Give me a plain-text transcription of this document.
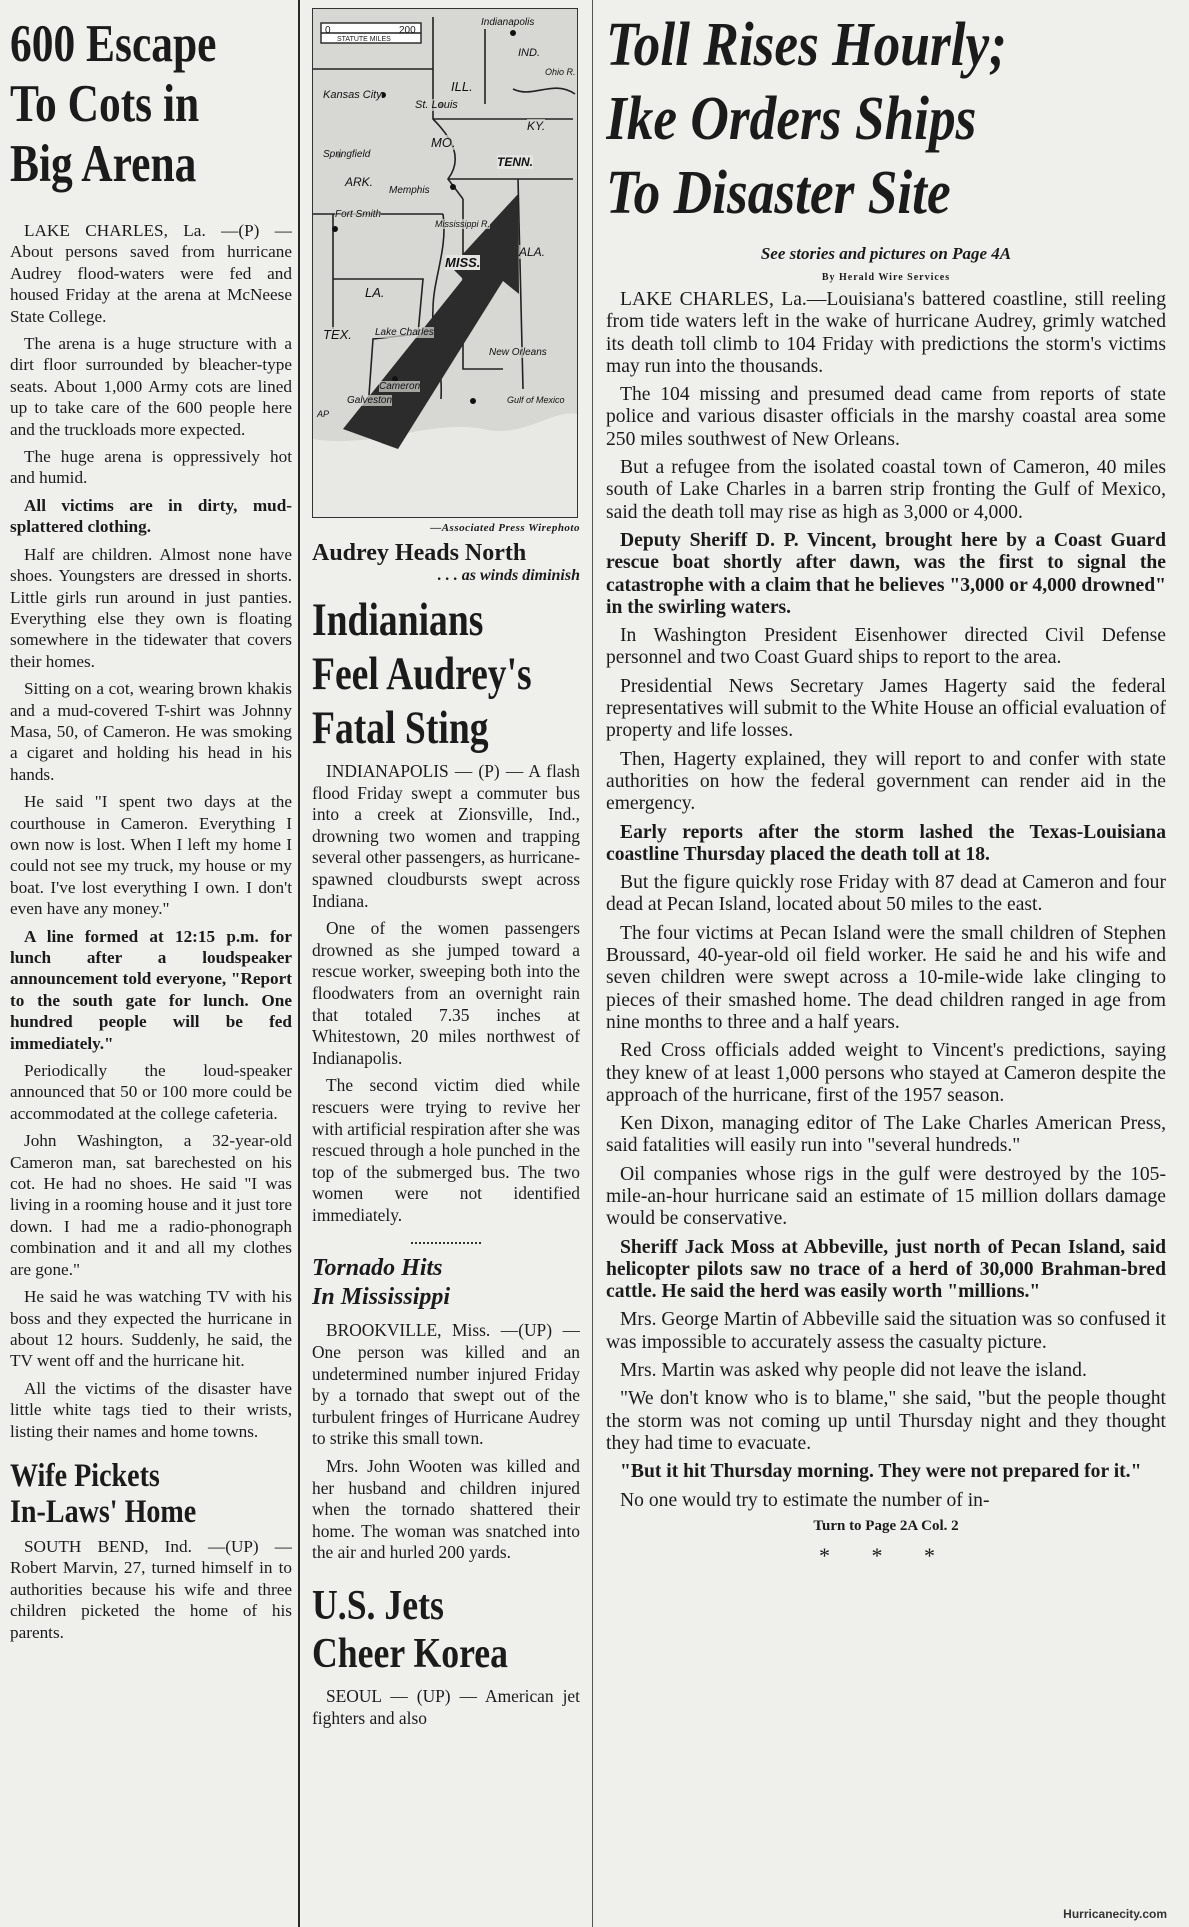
600 Escape
To Cots in
Big Arena

LAKE CHARLES, La. —(P) — About persons saved from hurricane Audrey flood-waters were fed and housed Friday at the arena at McNeese State College.

The arena is a huge structure with a dirt floor surrounded by bleacher-type seats. About 1,000 Army cots are lined up to take care of the 600 people here and the truckloads more expected.

The huge arena is oppressively hot and humid.

All victims are in dirty, mud-splattered clothing.

Half are children. Almost none have shoes. Youngsters are dressed in shorts. Little girls run around in just panties. Everything else they own is floating somewhere in the tidewater that covers their homes.

Sitting on a cot, wearing brown khakis and a mud-covered T-shirt was Johnny Masa, 50, of Cameron. He was smoking a cigaret and holding his head in his hands.

He said "I spent two days at the courthouse in Cameron. Everything I own now is lost. When I left my home I could not see my truck, my house or my boat. I've lost everything I own. I don't even have any money."

A line formed at 12:15 p.m. for lunch after a loudspeaker announcement told everyone, "Report to the south gate for lunch. One hundred people will be fed immediately."

Periodically the loud-speaker announced that 50 or 100 more could be accommodated at the college cafeteria.

John Washington, a 32-year-old Cameron man, sat barechested on his cot. He had no shoes. He said "I was living in a rooming house and it just tore down. I had me a radio-phonograph combination and it and all my clothes are gone."

He said he was watching TV with his boss and they expected the hurricane in about 12 hours. Suddenly, he said, the TV went off and the hurricane hit.

All the victims of the disaster have little white tags tied to their wrists, listing their names and home towns.

Wife Pickets
In-Laws' Home

SOUTH BEND, Ind. —(UP) — Robert Marvin, 27, turned himself in to authorities because his wife and three children picketed the home of his parents.

0	200
STATUTE MILES
Indianapolis
IND.
ILL.
Ohio R.
Kansas City
St. Louis
KY.
MO.
Springfield
TENN.
ARK.
Memphis
Fort Smith
Mississippi R.
ALA.
MISS.
LA.
TEX. Lake Charles
New Orleans
Cameron
Galveston	Gulf of Mexico
AP
—Associated Press Wirephoto
Audrey Heads North
. . . as winds diminish
Indianians
Feel Audrey's
Fatal Sting

INDIANAPOLIS — (P) — A flash flood Friday swept a commuter bus into a creek at Zionsville, Ind., drowning two women and trapping several other passengers, as hurricane-spawned cloudbursts swept across Indiana.

One of the women passengers drowned as she jumped toward a rescue worker, sweeping both into the floodwaters from an overnight rain that totaled 7.35 inches at Whitestown, 20 miles northwest of Indianapolis.

The second victim died while rescuers were trying to revive her with artificial respiration after she was rescued through a hole punched in the top of the submerged bus. The two women were not identified immediately.

Tornado Hits
In Mississippi

BROOKVILLE, Miss. —(UP) — One person was killed and an undetermined number injured Friday by a tornado that swept out of the turbulent fringes of Hurricane Audrey to strike this small town.

Mrs. John Wooten was killed and her husband and children injured when the tornado shattered their home. The woman was snatched into the air and hurled 200 yards.

U.S. Jets
Cheer Korea

SEOUL — (UP) — American jet fighters and also

Toll Rises Hourly;
Ike Orders Ships
To Disaster Site
See stories and pictures on Page 4A
By Herald Wire Services

LAKE CHARLES, La.—Louisiana's battered coastline, still reeling from tide waters left in the wake of hurricane Audrey, grimly watched its death toll climb to 104 Friday with predictions the storm's victims may run into the thousands.

The 104 missing and presumed dead came from reports of state police and various disaster officials in the marshy coastal area some 250 miles southwest of New Orleans.

But a refugee from the isolated coastal town of Cameron, 40 miles south of Lake Charles in a barren strip fronting the Gulf of Mexico, said the death toll may rise as high as 3,000 or 4,000.

Deputy Sheriff D. P. Vincent, brought here by a Coast Guard rescue boat shortly after dawn, was the first to signal the catastrophe with a claim that he believes "3,000 or 4,000 drowned" in the swirling waters.

In Washington President Eisenhower directed Civil Defense personnel and two Coast Guard ships to report to the area.

Presidential News Secretary James Hagerty said the federal representatives will submit to the White House an official evaluation of property and life losses.

Then, Hagerty explained, they will report to and confer with state authorities on how the federal government can render aid in the emergency.

Early reports after the storm lashed the Texas-Louisiana coastline Thursday placed the death toll at 18.

But the figure quickly rose Friday with 87 dead at Cameron and four dead at Pecan Island, located about 50 miles to the east.

The four victims at Pecan Island were the small children of Stephen Broussard, 40-year-old oil field worker. He said he and his wife and seven children were swept across a 10-mile-wide lake clinging to pieces of their smashed home. The dead children ranged in age from nine months to three and a half years.

Red Cross officials added weight to Vincent's predictions, saying they knew of at least 1,000 persons who stayed at Cameron despite the approach of the hurricane, first of the 1957 season.

Ken Dixon, managing editor of The Lake Charles American Press, said fatalities will easily run into "several hundreds."

Oil companies whose rigs in the gulf were destroyed by the 105-mile-an-hour hurricane said an estimate of 15 million dollars damage would be conservative.

Sheriff Jack Moss at Abbeville, just north of Pecan Island, said helicopter pilots saw no trace of a herd of 30,000 Brahman-bred cattle. He said the herd was easily worth "millions."

Mrs. George Martin of Abbeville said the situation was so confused it was impossible to accurately assess the casualty picture.

Mrs. Martin was asked why people did not leave the island.

"We don't know who is to blame," she said, "but the people thought the storm was not coming up until Thursday night and they thought they had time to evacuate.

"But it hit Thursday morning. They were not prepared for it."

No one would try to estimate the number of in-

Turn to Page 2A Col. 2
* * *
Hurricanecity.com
